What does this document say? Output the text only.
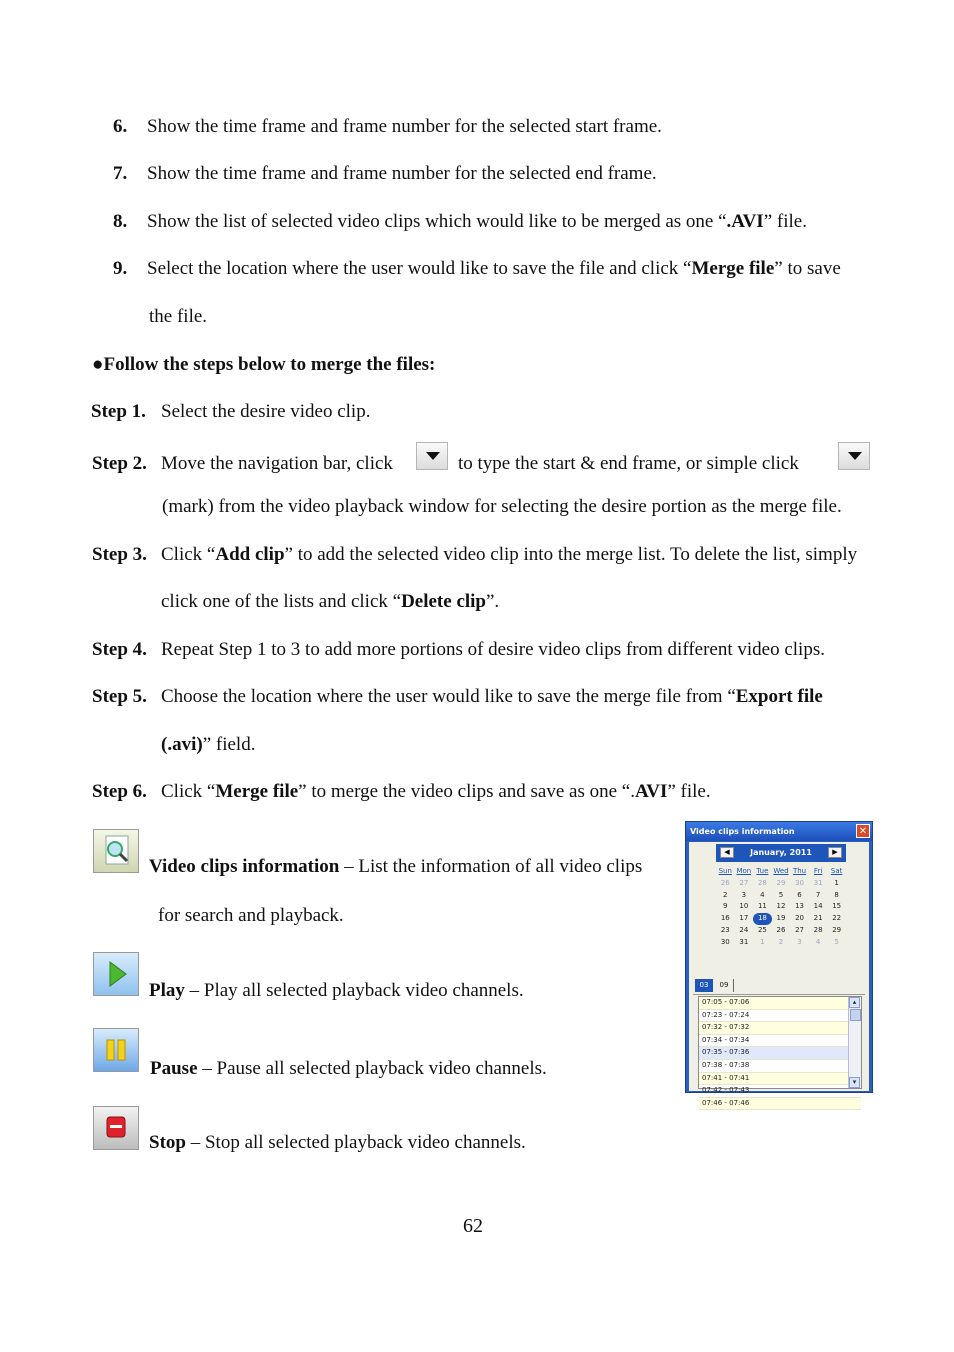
6. Show the time frame and frame number for the selected start frame.
7. Show the time frame and frame number for the selected end frame.
8. Show the list of selected video clips which would like to be merged as one “.AVI” file.
9. Select the location where the user would like to save the file and click “Merge file” to save
the file.
●Follow the steps below to merge the files:
Step 1. Select the desire video clip.
Step 2. Move the navigation bar, click	to type the start & end frame, or simple click
(mark) from the video playback window for selecting the desire portion as the merge file.
Step 3. Click “Add clip” to add the selected video clip into the merge list. To delete the list, simply
click one of the lists and click “Delete clip”.
Step 4. Repeat Step 1 to 3 to add more portions of desire video clips from different video clips.
Step 5. Choose the location where the user would like to save the merge file from “Export file
(.avi)” field.
Step 6. Click “Merge file” to merge the video clips and save as one “.AVI” file.
Video clips information – List the information of all video clips
for search and playback.
Play – Play all selected playback video channels.
Pause – Pause all selected playback video channels.
Stop – Stop all selected playback video channels.
Video clips information	✕
◀	January, 2011	▶
Sun Mon Tue Wed Thu	Fri	Sat
26	27	28	29	30	31	1
2	3	4	5	6	7	8
9	10	11	12	13	14	15
16	17	18	19	20	21	22
23	24	25	26	27	28	29
30	31	1	2	3	4	5
03	09
07:05 - 07:06
07:23 - 07:24
07:32 - 07:32
07:34 - 07:34
07:35 - 07:36
07:38 - 07:38
07:41 - 07:41
07:42 - 07:43
07:46 - 07:46
▴
▾
62
